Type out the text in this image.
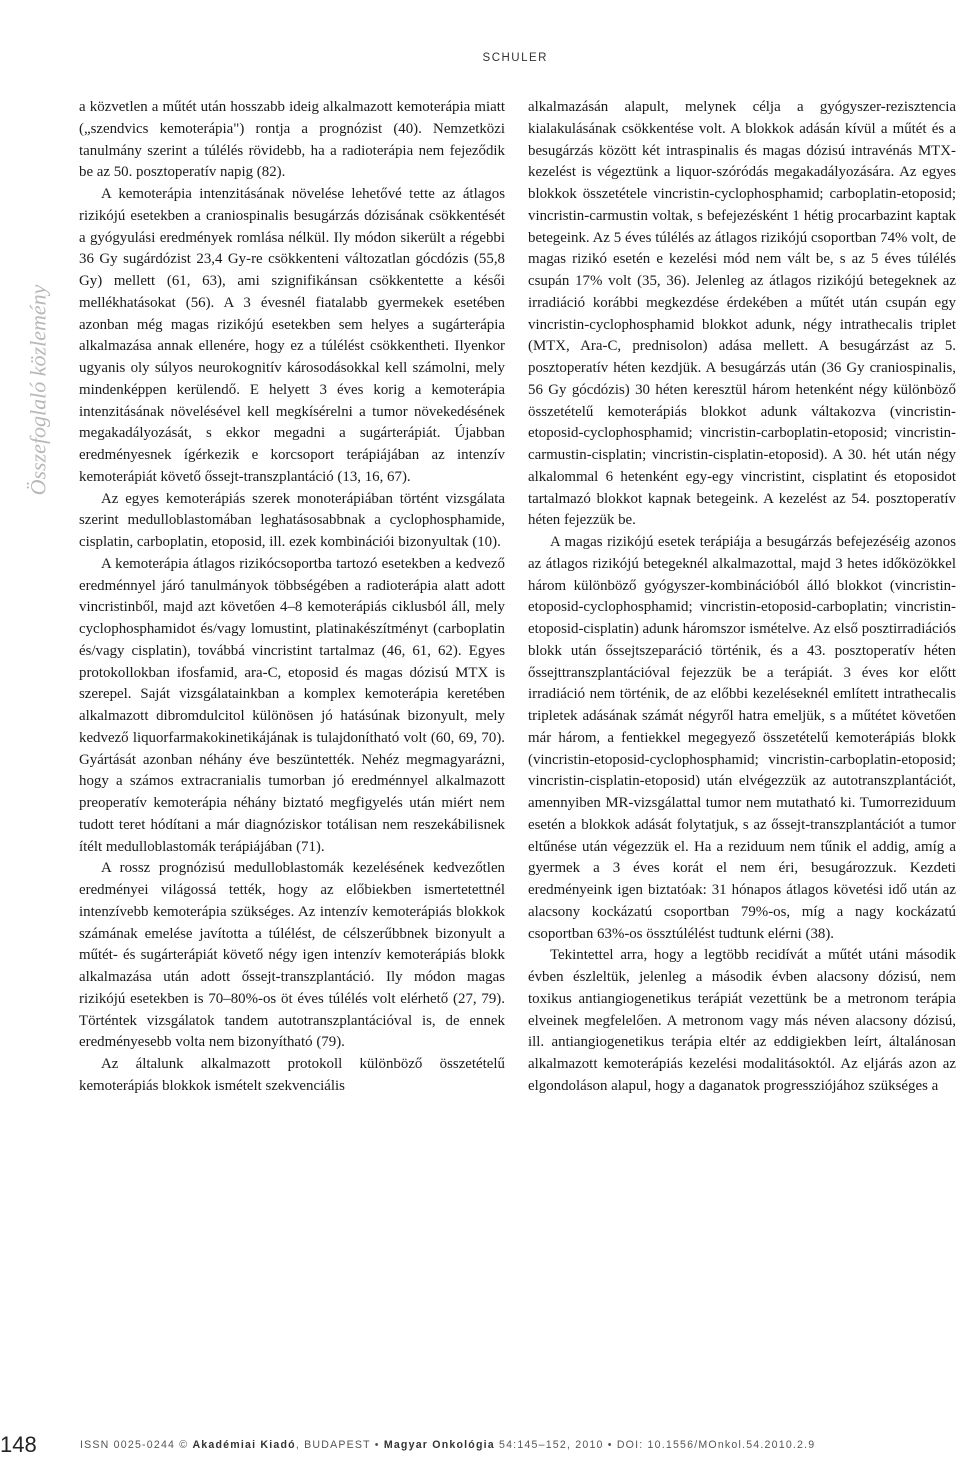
SCHULER
Összefoglaló közlemény

a közvetlen a műtét után hosszabb ideig alkalmazott kemoterápia miatt („szendvics kemoterápia") rontja a prognózist (40). Nemzetközi tanulmány szerint a túlélés rövidebb, ha a radioterápia nem fejeződik be az 50. posztoperatív napig (82).

A kemoterápia intenzitásának növelése lehetővé tette az átlagos rizikójú esetekben a craniospinalis besugárzás dózisának csökkentését a gyógyulási eredmények romlása nélkül. Ily módon sikerült a régebbi 36 Gy sugárdózist 23,4 Gy-re csökkenteni változatlan gócdózis (55,8 Gy) mellett (61, 63), ami szignifikánsan csökkentette a késői mellékhatásokat (56). A 3 évesnél fiatalabb gyermekek esetében azonban még magas rizikójú esetekben sem helyes a sugárterápia alkalmazása annak ellenére, hogy ez a túlélést csökkentheti. Ilyenkor ugyanis oly súlyos neurokognitív károsodásokkal kell számolni, mely mindenképpen kerülendő. E helyett 3 éves korig a kemoterápia intenzitásának növelésével kell megkísérelni a tumor növekedésének megakadályozását, s ekkor megadni a sugárterápiát. Újabban eredményesnek ígérkezik e korcsoport terápiájában az intenzív kemoterápiát követő őssejt-transzplantáció (13, 16, 67).

Az egyes kemoterápiás szerek monoterápiában történt vizsgálata szerint medulloblastomában leghatásosabbnak a cyclophosphamide, cisplatin, carboplatin, etoposid, ill. ezek kombinációi bizonyultak (10).

A kemoterápia átlagos rizikócsoportba tartozó esetekben a kedvező eredménnyel járó tanulmányok többségében a radioterápia alatt adott vincristinből, majd azt követően 4–8 kemoterápiás ciklusból áll, mely cyclophosphamidot és/vagy lomustint, platinakészítményt (carboplatin és/vagy cisplatin), továbbá vincristint tartalmaz (46, 61, 62). Egyes protokollokban ifosfamid, ara-C, etoposid és magas dózisú MTX is szerepel. Saját vizsgálatainkban a komplex kemoterápia keretében alkalmazott dibromdulcitol különösen jó hatásúnak bizonyult, mely kedvező liquorfarmakokinetikájának is tulajdonítható volt (60, 69, 70). Gyártását azonban néhány éve beszüntették. Nehéz megmagyarázni, hogy a számos extracranialis tumorban jó eredménnyel alkalmazott preoperatív kemoterápia néhány biztató megfigyelés után miért nem tudott teret hódítani a már diagnóziskor totálisan nem reszekábilisnek ítélt medulloblastomák terápiájában (71).

A rossz prognózisú medulloblastomák kezelésének kedvezőtlen eredményei világossá tették, hogy az előbiekben ismertetettnél intenzívebb kemoterápia szükséges. Az intenzív kemoterápiás blokkok számának emelése javította a túlélést, de célszerűbbnek bizonyult a műtét- és sugárterápiát követő négy igen intenzív kemoterápiás blokk alkalmazása után adott őssejt-transzplantáció. Ily módon magas rizikójú esetekben is 70–80%-os öt éves túlélés volt elérhető (27, 79). Történtek vizsgálatok tandem autotranszplantációval is, de ennek eredményesebb volta nem bizonyítható (79).

Az általunk alkalmazott protokoll különböző összetételű kemoterápiás blokkok ismételt szekvenciális

alkalmazásán alapult, melynek célja a gyógyszer-rezisztencia kialakulásának csökkentése volt. A blokkok adásán kívül a műtét és a besugárzás között két intraspinalis és magas dózisú intravénás MTX-kezelést is végeztünk a liquor-szóródás megakadályozására. Az egyes blokkok összetétele vincristin-cyclophosphamid; carboplatin-etoposid; vincristin-carmustin voltak, s befejezésként 1 hétig procarbazint kaptak betegeink. Az 5 éves túlélés az átlagos rizikójú csoportban 74% volt, de magas rizikó esetén e kezelési mód nem vált be, s az 5 éves túlélés csupán 17% volt (35, 36). Jelenleg az átlagos rizikójú betegeknek az irradiáció korábbi megkezdése érdekében a műtét után csupán egy vincristin-cyclophosphamid blokkot adunk, négy intrathecalis triplet (MTX, Ara-C, prednisolon) adása mellett. A besugárzást az 5. posztoperatív héten kezdjük. A besugárzás után (36 Gy craniospinalis, 56 Gy gócdózis) 30 héten keresztül három hetenként négy különböző összetételű kemoterápiás blokkot adunk váltakozva (vincristin-etoposid-cyclophosphamid; vincristin-carboplatin-etoposid; vincristin-carmustin-cisplatin; vincristin-cisplatin-etoposid). A 30. hét után négy alkalommal 6 hetenként egy-egy vincristint, cisplatint és etoposidot tartalmazó blokkot kapnak betegeink. A kezelést az 54. posztoperatív héten fejezzük be.

A magas rizikójú esetek terápiája a besugárzás befejezéséig azonos az átlagos rizikójú betegeknél alkalmazottal, majd 3 hetes időközökkel három különböző gyógyszer-kombinációból álló blokkot (vincristin-etoposid-cyclophosphamid; vincristin-etoposid-carboplatin; vincristin-etoposid-cisplatin) adunk háromszor ismételve. Az első posztirradiációs blokk után őssejtszeparáció történik, és a 43. posztoperatív héten őssejttranszplantációval fejezzük be a terápiát. 3 éves kor előtt irradiáció nem történik, de az előbbi kezeléseknél említett intrathecalis tripletek adásának számát négyről hatra emeljük, s a műtétet követően már három, a fentiekkel megegyező összetételű kemoterápiás blokk (vincristin-etoposid-cyclophosphamid; vincristin-carboplatin-etoposid; vincristin-cisplatin-etoposid) után elvégezzük az autotranszplantációt, amennyiben MR-vizsgálattal tumor nem mutatható ki. Tumorreziduum esetén a blokkok adását folytatjuk, s az őssejt-transzplantációt a tumor eltűnése után végezzük el. Ha a reziduum nem tűnik el addig, amíg a gyermek a 3 éves korát el nem éri, besugározzuk. Kezdeti eredményeink igen biztatóak: 31 hónapos átlagos követési idő után az alacsony kockázatú csoportban 79%-os, míg a nagy kockázatú csoportban 63%-os össztúlélést tudtunk elérni (38).

Tekintettel arra, hogy a legtöbb recidívát a műtét utáni második évben észleltük, jelenleg a második évben alacsony dózisú, nem toxikus antiangiogenetikus terápiát vezettünk be a metronom terápia elveinek megfelelően. A metronom vagy más néven alacsony dózisú, ill. antiangiogenetikus terápia eltér az eddigiekben leírt, általánosan alkalmazott kemoterápiás kezelési modalitásoktól. Az eljárás azon az elgondoláson alapul, hogy a daganatok progressziójához szükséges a

148	ISSN 0025-0244 © Akadémiai Kiadó, BUDAPEST • Magyar Onkológia 54:145–152, 2010 • DOI: 10.1556/MOnkol.54.2010.2.9
